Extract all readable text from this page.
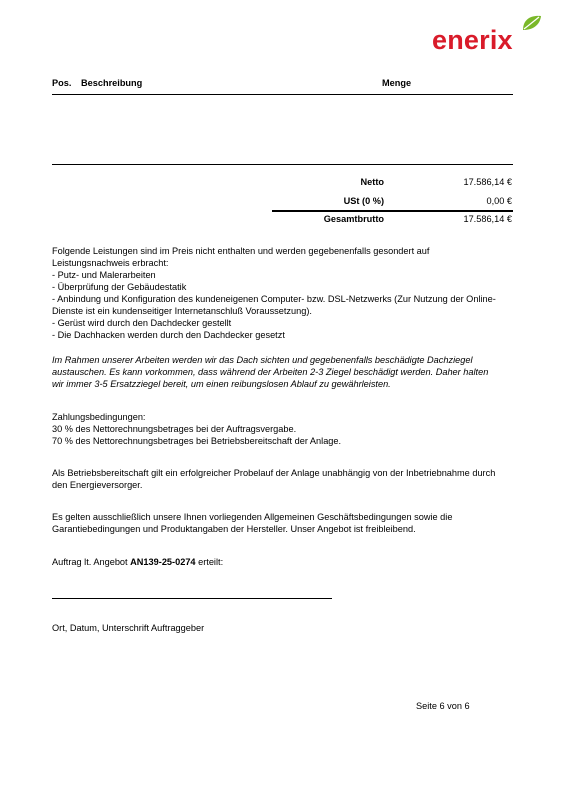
enerix
Pos. Beschreibung	Menge
Netto	17.586,14 €
USt (0 %)	0,00 €
Gesamtbrutto	17.586,14 €
Folgende Leistungen sind im Preis nicht enthalten und werden gegebenenfalls gesondert auf
Leistungsnachweis erbracht:
- Putz- und Malerarbeiten
- Überprüfung der Gebäudestatik
- Anbindung und Konfiguration des kundeneigenen Computer- bzw. DSL-Netzwerks (Zur Nutzung der Online-
Dienste ist ein kundenseitiger Internetanschluß Voraussetzung).
- Gerüst wird durch den Dachdecker gestellt
- Die Dachhacken werden durch den Dachdecker gesetzt
Im Rahmen unserer Arbeiten werden wir das Dach sichten und gegebenenfalls beschädigte Dachziegel
austauschen. Es kann vorkommen, dass während der Arbeiten 2-3 Ziegel beschädigt werden. Daher halten
wir immer 3-5 Ersatzziegel bereit, um einen reibungslosen Ablauf zu gewährleisten.
Zahlungsbedingungen:
30 % des Nettorechnungsbetrages bei der Auftragsvergabe.
70 % des Nettorechnungsbetrages bei Betriebsbereitschaft der Anlage.
Als Betriebsbereitschaft gilt ein erfolgreicher Probelauf der Anlage unabhängig von der Inbetriebnahme durch
den Energieversorger.
Es gelten ausschließlich unsere Ihnen vorliegenden Allgemeinen Geschäftsbedingungen sowie die
Garantiebedingungen und Produktangaben der Hersteller. Unser Angebot ist freibleibend.
Auftrag lt. Angebot AN139-25-0274 erteilt:
Ort, Datum, Unterschrift Auftraggeber
Seite 6 von 6
